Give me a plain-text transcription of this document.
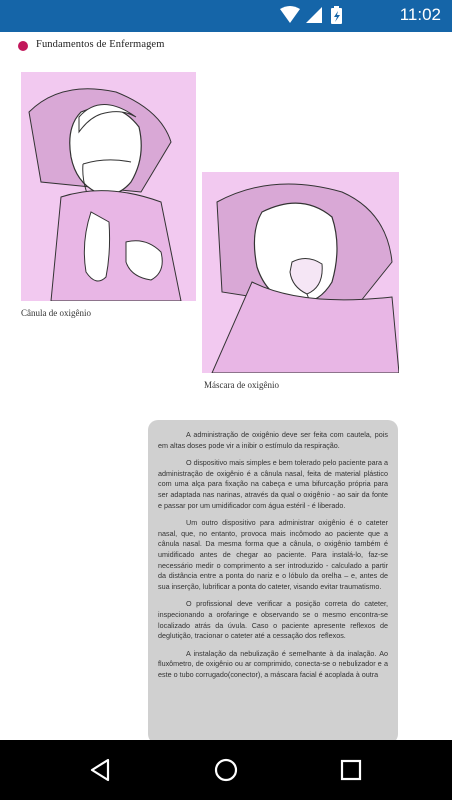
11:02
Fundamentos de Enfermagem
Cânula de oxigênio
Máscara de oxigênio

A administração de oxigênio deve ser feita com cautela, pois em altas doses pode vir a inibir o estímulo da respiração.

O dispositivo mais simples e bem tolerado pelo paciente para a administração de oxigênio é a cânula nasal, feita de material plástico com uma alça para fixação na cabeça e uma bifurcação própria para ser adaptada nas narinas, através da qual o oxigênio - ao sair da fonte e passar por um umidificador com água estéril - é liberado.

Um outro dispositivo para administrar oxigênio é o cateter nasal, que, no entanto, provoca mais incômodo ao paciente que a cânula nasal. Da mesma forma que a cânula, o oxigênio também é umidificado antes de chegar ao paciente. Para instalá-lo, faz-se necessário medir o comprimento a ser introduzido - calculado a partir da distância entre a ponta do nariz e o lóbulo da orelha – e, antes de sua inserção, lubrificar a ponta do cateter, visando evitar traumatismo.

O profissional deve verificar a posição correta do cateter, inspecionando a orofaringe e observando se o mesmo encontra-se localizado atrás da úvula. Caso o paciente apresente reflexos de deglutição, tracionar o cateter até a cessação dos reflexos.

A instalação da nebulização é semelhante à da inalação. Ao fluxômetro, de oxigênio ou ar comprimido, conecta-se o nebulizador e a este o tubo corrugado(conector), a máscara facial é acoplada à outra
